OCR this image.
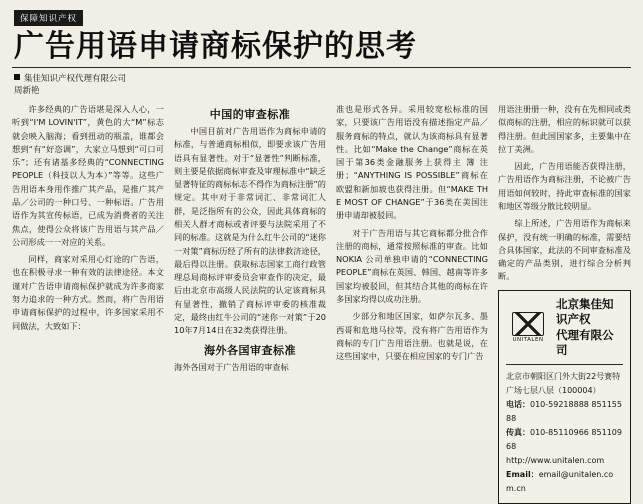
保障知识产权
广告用语申请商标保护的思考
集佳知识产权代理有限公司
周新艳

许多经典的广告语堪是深入人心，一听到“I'M LOVIN'IT”，黄色的大“M”标志就会映入脑海；看到扭动的瓶盖，谁都会想到“有“好恣调”，大家立马想到“可口可乐”；还有诸基多经典的“CONNECTING PEOPLE（科技以人为本）”等等。这些广告用语本身用作推广其产品，是推广其产品／公司的一种口号、一种标语。广告用语作为其宣传标语，已成为消费者的关注焦点，使得公众将该广告用语与其产品／公司形成一一对应的关系。

同样，商家对采用心灯途的广告语，也在积极寻求一种有效的法律途径。本文谨对广告语申请商标保护就成为许多商家努力追求的一种方式。然而，将广告用语申请商标保护的过程中，许多国家采用不同做法，大致如下：

中国的审查标准

中国目前对广告用语作为商标申请的标准，与普通商标相似，即要求该广告用语具有显著性。对于“显著性”判断标准，则主要是依据商标审查及审理标准中“缺乏显著特征的商标标志不得作为商标注册”的规定。其中对于非常词汇、非常词汇人群，是泛指所有的公众，因此具体商标的相关人群才商标或者评要与法院采用了不同的标准。这就是为什么红牛公司的“迷你一对策”商标历经了所有的法律救济途径，最后得以注册。获取标志国家工商行政管理总局商标评审委员会审查作的决定，最后由北京市高级人民法院的认定该商标具有显著性，撤销了商标评审委的核准裁定，最终由红牛公司的“迷你一对策”于2010年7月14日在32类获得注册。

海外各国审查标准

海外各国对于广告用语的审查标

准也是形式各异。采用较宽松标准的国家，只要该广告用语没有描述指定产品／服务商标的特点，就认为该商标具有显著性。比如“Make the Change”商标在英国于第36类金融服务上获得主 簿 注 册；“ANYTHING IS POSSIBLE”商标在欧盟和新加坡也获得注册。但“MAKE THE MOST OF CHANGE”于36类在美国注册申请却被驳回。

对于广告用语与其它商标都分批合作注册的商标，通常按照标准的审查。比如 NOKIA 公司单独申请的“CONNECTING PEOPLE”商标在英国、韩国、越南等许多国家均被驳回，但其结合其他的商标在许多国家均得以成功注册。

少部分和地区国家，如萨尔瓦多、墨西哥和危地马拉等，没有将广告用语作为商标的专门广告用语注册。也就是说，在这些国家中，只要在相应国家的专门广告

用语注册册一种，没有在先相同或类似商标的注册，相应的标识就可以获得注册。但此国国家多，主要集中在拉丁美洲。

因此，广告用语能否获得注册，广告用语作为商标注册，不论被广告用语如何较时，持此审查标准的国家和地区等级分散比较明显。

综上所述，广告用语作为商标来保护，没有统一明确的标准，需要结合具体国家，此法的不同审查标准及确定的产品类别，进行综合分析判断。

UNITALEN
北京集佳知识产权
代理有限公司
北京市朝阳区门外大街22号赛特广场七层八层（100004）
电话：010-59218888 85115588
传真：010-85110966 85110968
http://www.unitalen.com
Email：email@unitalen.com.cn
